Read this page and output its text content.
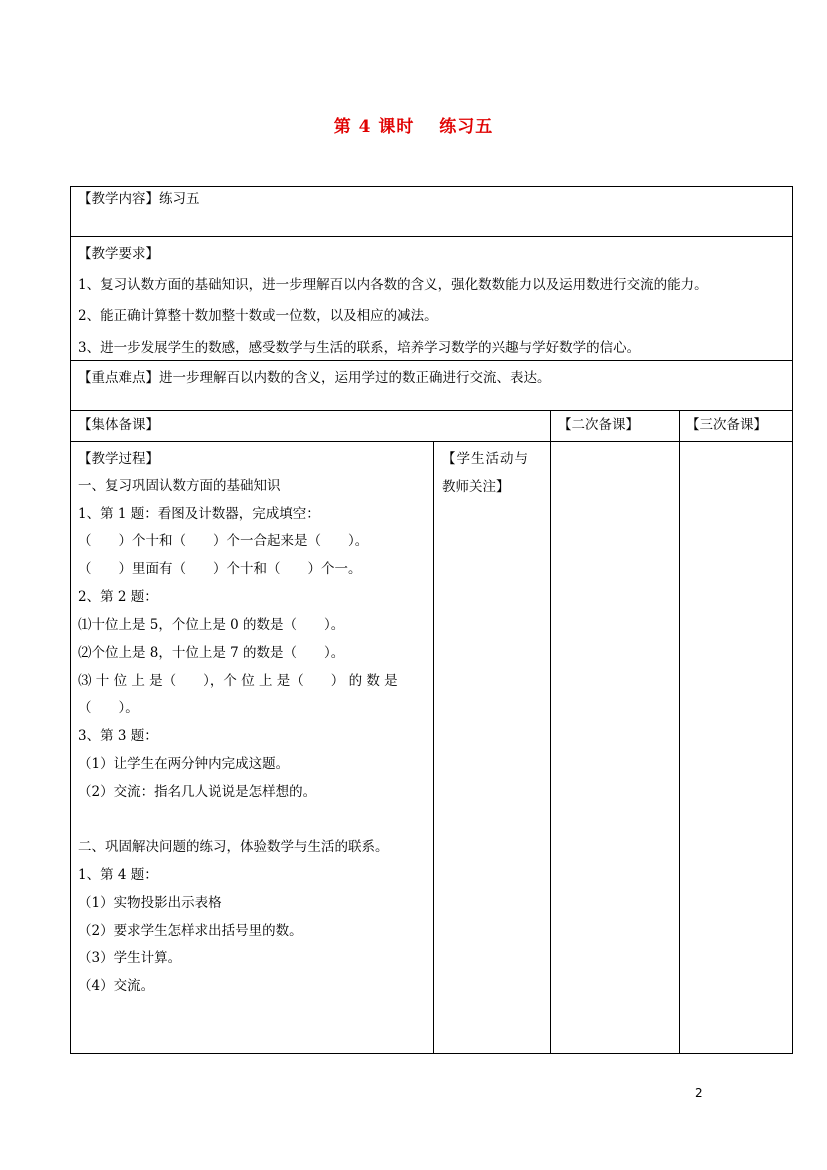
第 4 课时　 练习五
【教学内容】练习五
【教学要求】
1、复习认数方面的基础知识，进一步理解百以内各数的含义，强化数数能力以及运用数进行交流的能力。
2、能正确计算整十数加整十数或一位数，以及相应的减法。
3、进一步发展学生的数感，感受数学与生活的联系，培养学习数学的兴趣与学好数学的信心。
【重点难点】进一步理解百以内数的含义，运用学过的数正确进行交流、表达。
【集体备课】	【二次备课】	【三次备课】
【学生活动与
教师关注】
【教学过程】
一、复习巩固认数方面的基础知识
1、第 1 题：看图及计数器，完成填空：
（　　）个十和（　　）个一合起来是（　　）。
（　　）里面有（　　）个十和（　　）个一。
2、第 2 题：
⑴十位上是 5，个位上是 0 的数是（　　）。
⑵个位上是 8，十位上是 7 的数是（　　）。
⑶ 十 位 上 是（　　），个 位 上 是（　　） 的 数 是
（　　）。
3、第 3 题：
（1）让学生在两分钟内完成这题。
（2）交流：指名几人说说是怎样想的。
二、巩固解决问题的练习，体验数学与生活的联系。
1、第 4 题：
（1）实物投影出示表格
（2）要求学生怎样求出括号里的数。
（3）学生计算。
（4）交流。
2
